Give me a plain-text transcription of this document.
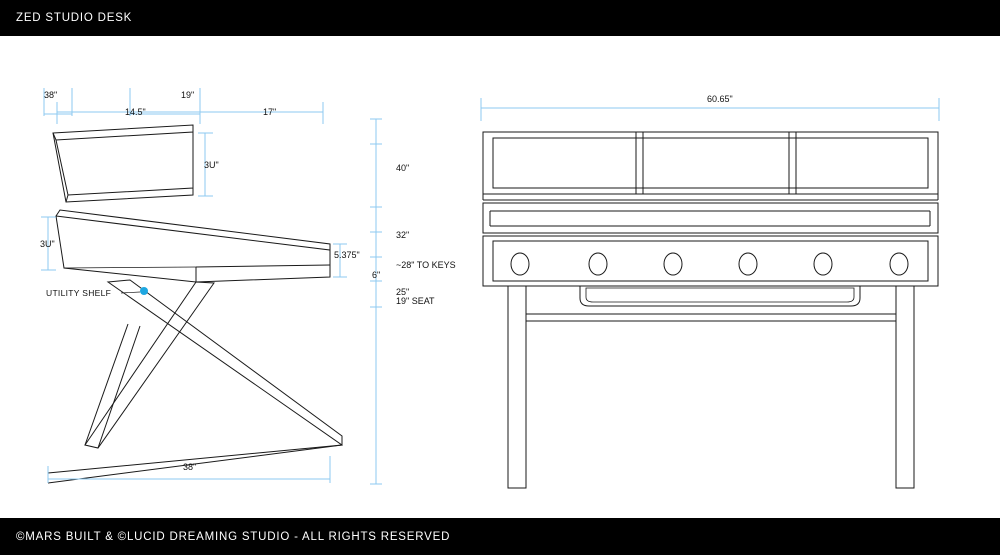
ZED STUDIO DESK
38"	19"
14.5"	17"
3U"
3U"
5.375"
UTILITY SHELF
38"
40"
32"
~28" TO KEYS
25"
6"
19" SEAT
60.65"
©MARS BUILT & ©LUCID DREAMING STUDIO - ALL RIGHTS RESERVED
